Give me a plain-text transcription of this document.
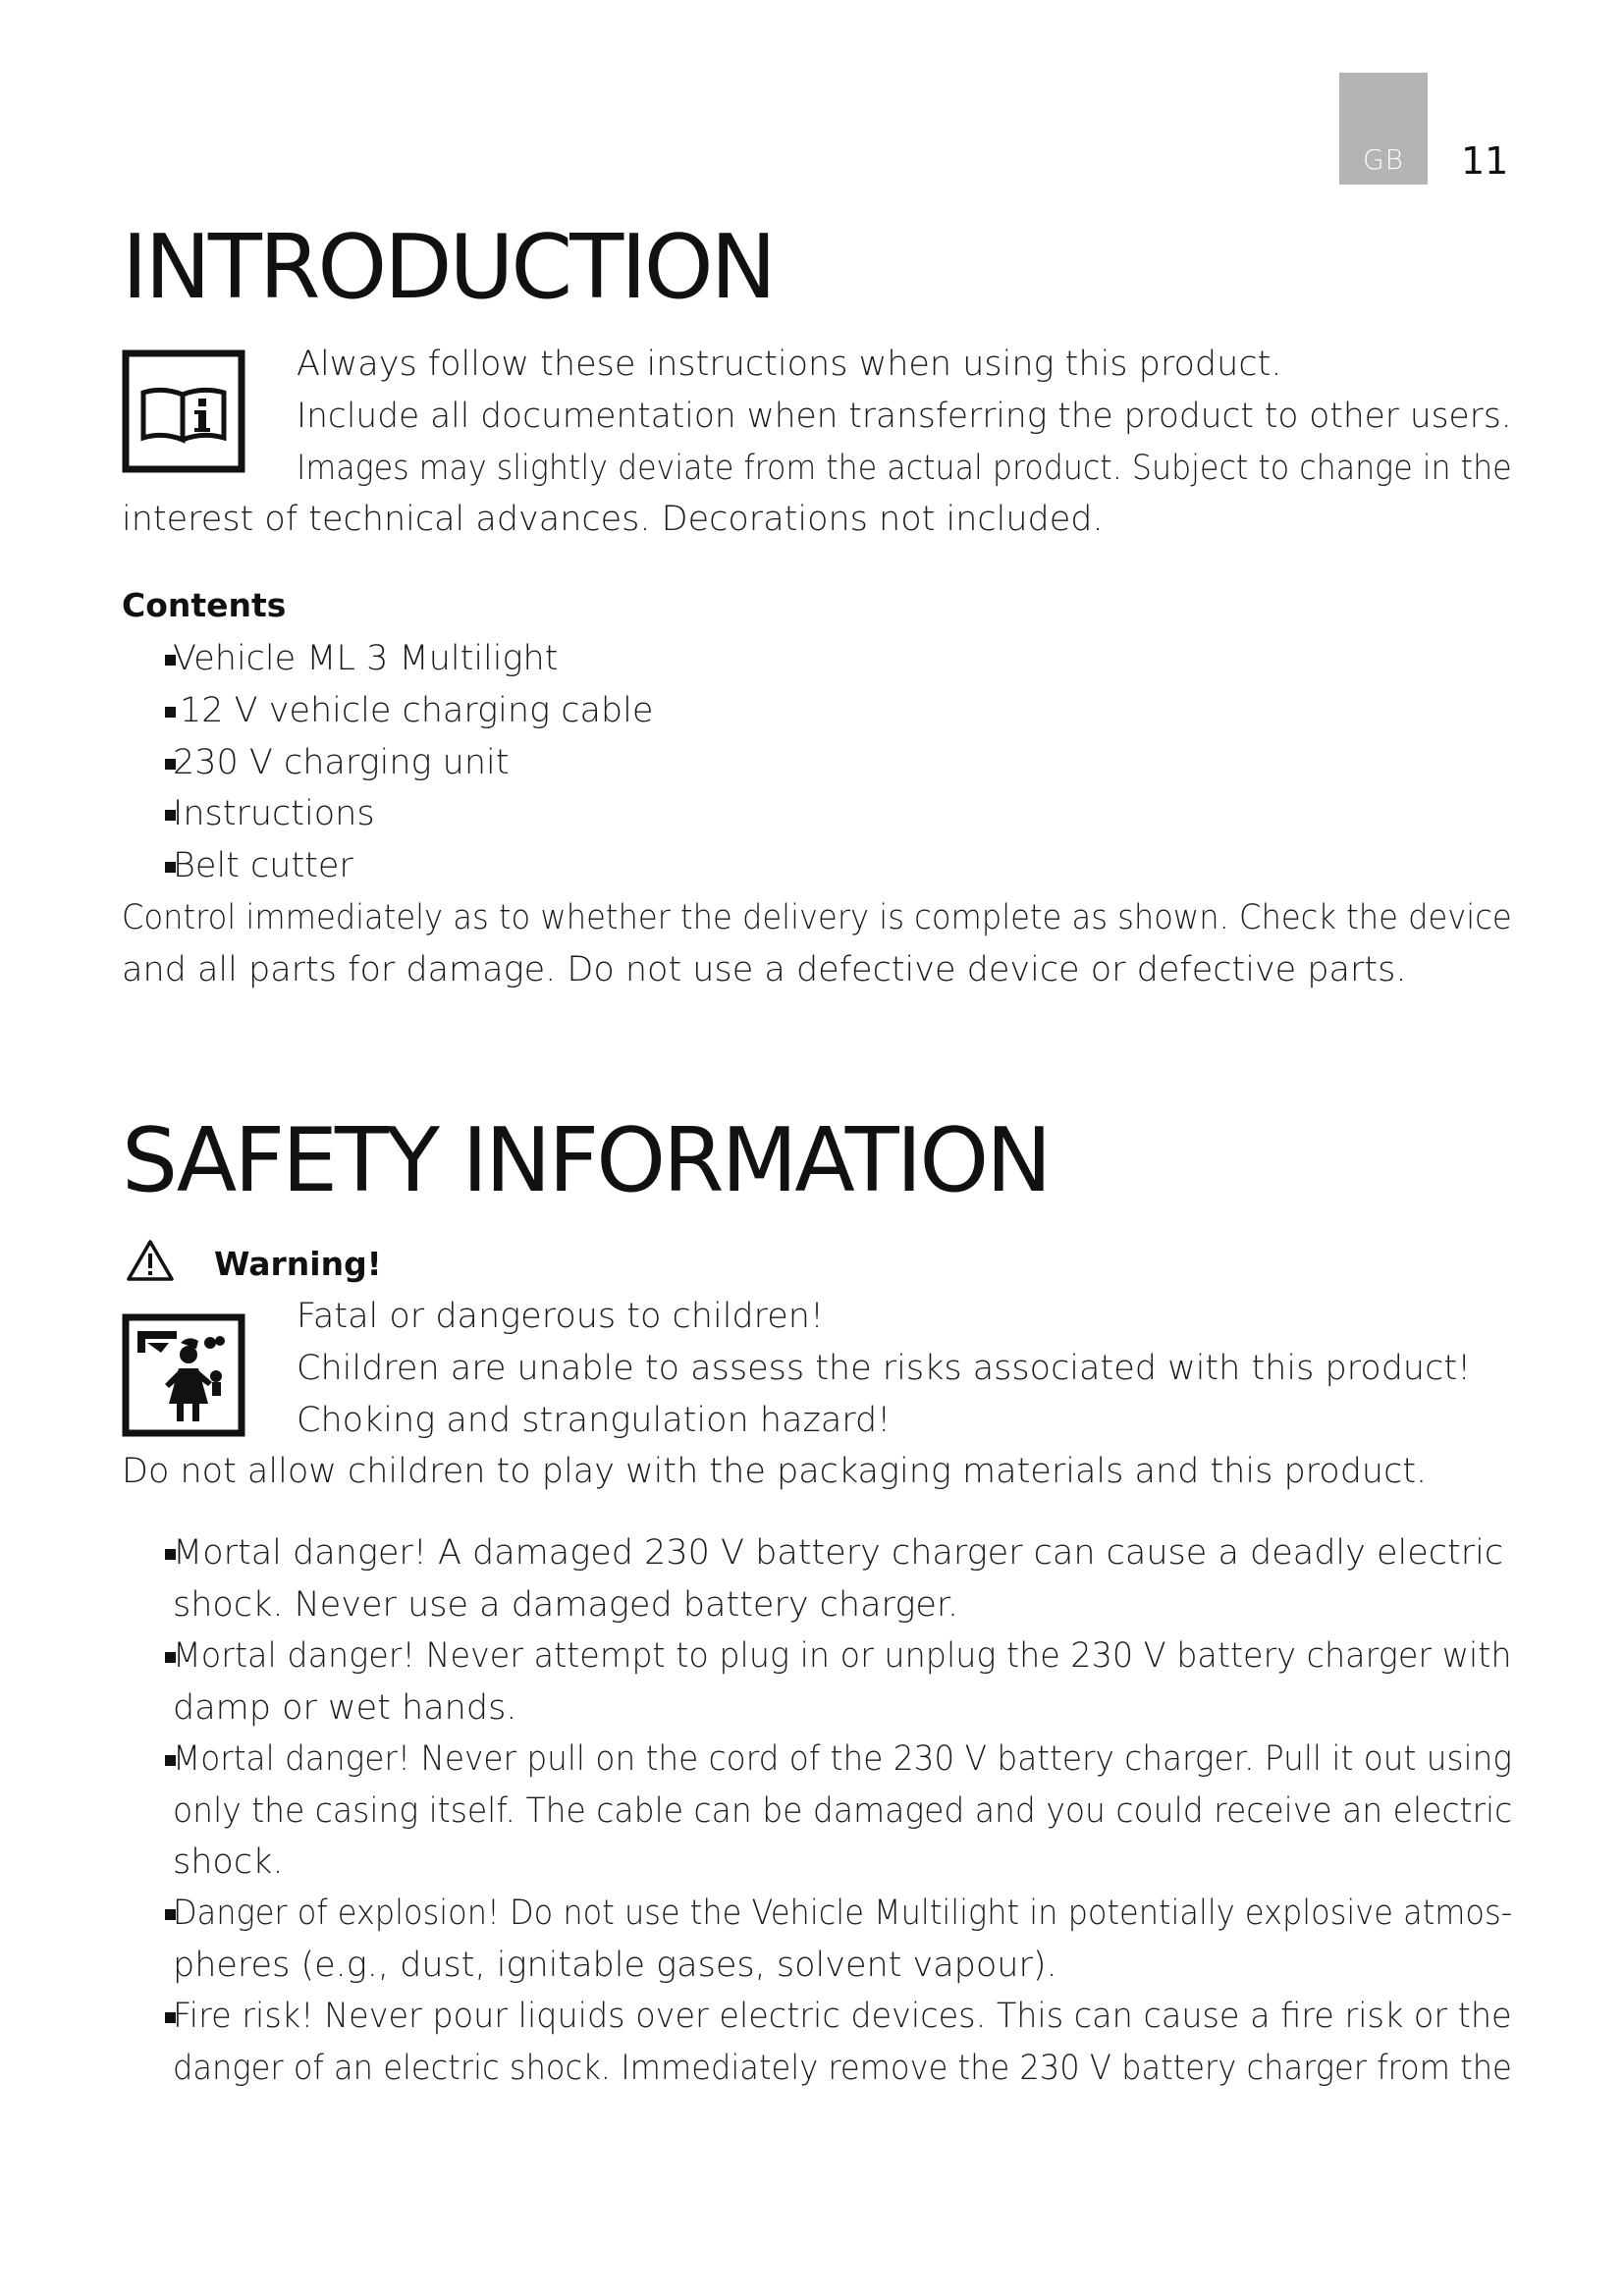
GB	11
INTRODUCTION
Always follow these instructions when using this product.
Include all documentation when transferring the product to other users.
Images may slightly deviate from the actual product. Subject to change in the
interest of technical advances. Decorations not included.
Contents
Vehicle ML 3 Multilight
12 V vehicle charging cable
230 V charging unit
Instructions
Belt cutter
Control immediately as to whether the delivery is complete as shown. Check the device
and all parts for damage. Do not use a defective device or defective parts.
SAFETY INFORMATION
Warning!
Fatal or dangerous to children!
Children are unable to assess the risks associated with this product!
Choking and strangulation hazard!
Do not allow children to play with the packaging materials and this product.
Mortal danger! A damaged 230 V battery charger can cause a deadly electric
shock. Never use a damaged battery charger.
Mortal danger! Never attempt to plug in or unplug the 230 V battery charger with
damp or wet hands.
Mortal danger! Never pull on the cord of the 230 V battery charger. Pull it out using
only the casing itself. The cable can be damaged and you could receive an electric
shock.
Danger of explosion! Do not use the Vehicle Multilight in potentially explosive atmos-
pheres (e.g., dust, ignitable gases, solvent vapour).
Fire risk! Never pour liquids over electric devices. This can cause a fire risk or the
danger of an electric shock. Immediately remove the 230 V battery charger from the
